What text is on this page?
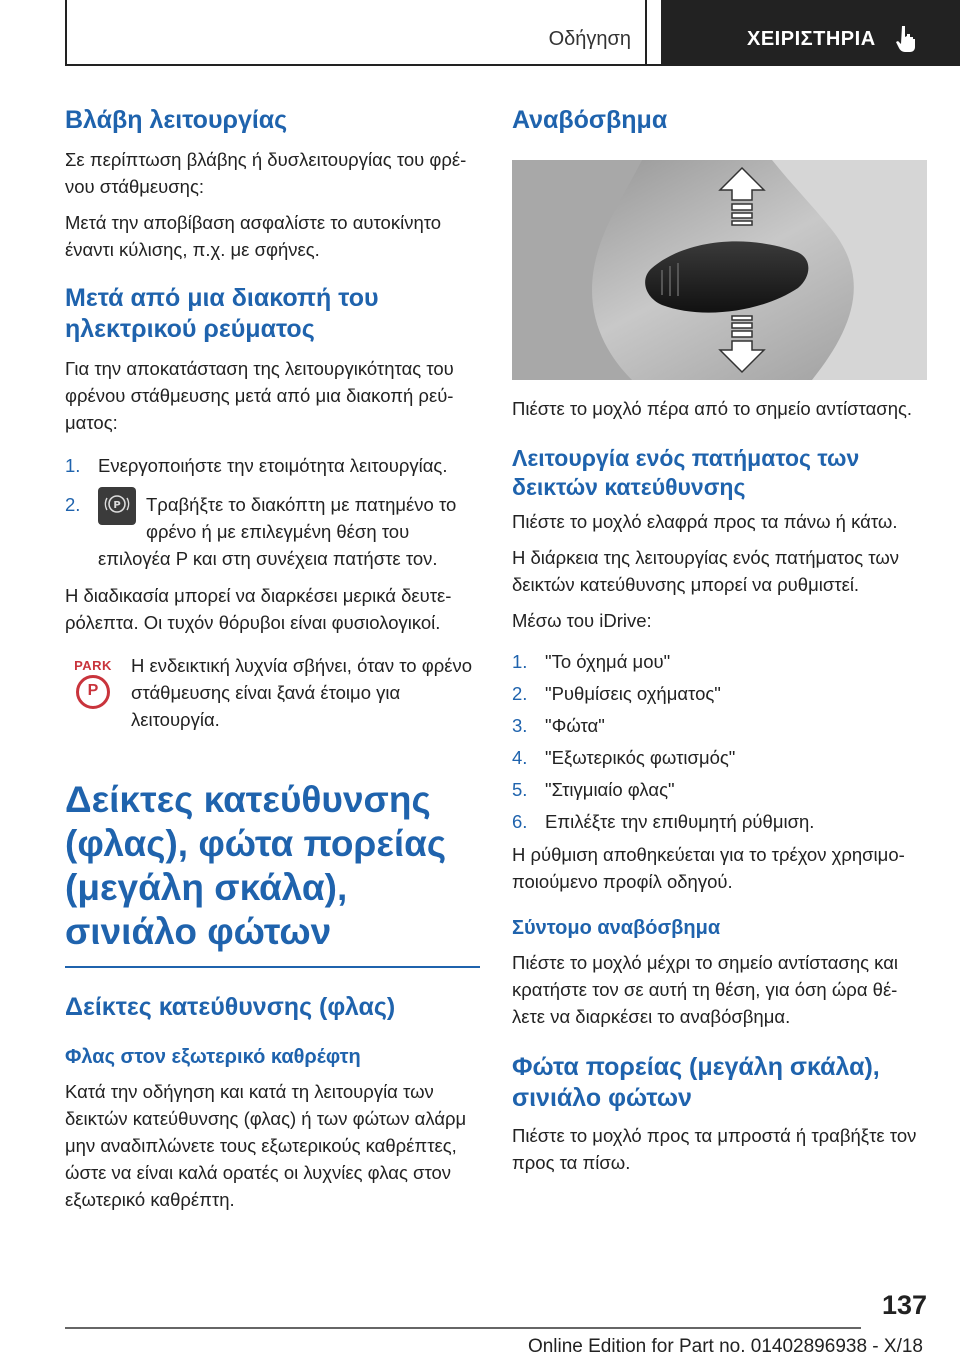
Οδήγηση	ΧΕΙΡΙΣΤΗΡΙΑ
Βλάβη λειτουργίας

Σε περίπτωση βλάβης ή δυσλειτουργίας του φρέ-νου στάθμευσης:

Μετά την αποβίβαση ασφαλίστε το αυτοκίνητο έναντι κύλισης, π.χ. με σφήνες.

Μετά από μια διακοπή του ηλεκτρικού ρεύματος

Για την αποκατάσταση της λειτουργικότητας του φρένου στάθμευσης μετά από μια διακοπή ρεύ-ματος:

1. Ενεργοποιήστε την ετοιμότητα λειτουργίας.
2.	P Τραβήξτε το διακόπτη με πατημένο το φρένο ή με επιλεγμένη θέση του επιλογέα P και στη συνέχεια πατήστε τον.

Η διαδικασία μπορεί να διαρκέσει μερικά δευτε-ρόλεπτα. Οι τυχόν θόρυβοι είναι φυσιολογικοί.

PARK
P

Η ενδεικτική λυχνία σβήνει, όταν το φρένο στάθμευσης είναι ξανά έτοιμο για λειτουργία.

Δείκτες κατεύθυνσης (φλας), φώτα πορείας (μεγάλη σκάλα), σινιάλο φώτων
Δείκτες κατεύθυνσης (φλας)
Φλας στον εξωτερικό καθρέφτη

Κατά την οδήγηση και κατά τη λειτουργία των δεικτών κατεύθυνσης (φλας) ή των φώτων αλάρμ μην αναδιπλώνετε τους εξωτερικούς καθρέπτες, ώστε να είναι καλά ορατές οι λυχνίες φλας στον εξωτερικό καθρέπτη.

Αναβόσβημα

Πιέστε το μοχλό πέρα από το σημείο αντίστασης.

Λειτουργία ενός πατήματος των δεικτών κατεύθυνσης

Πιέστε το μοχλό ελαφρά προς τα πάνω ή κάτω.

Η διάρκεια της λειτουργίας ενός πατήματος των δεικτών κατεύθυνσης μπορεί να ρυθμιστεί.

Μέσω του iDrive:

1. "Το όχημά μου"
2. "Ρυθμίσεις οχήματος"
3. "Φώτα"
4. "Εξωτερικός φωτισμός"
5. "Στιγμιαίο φλας"
6. Επιλέξτε την επιθυμητή ρύθμιση.

Η ρύθμιση αποθηκεύεται για το τρέχον χρησιμο-ποιούμενο προφίλ οδηγού.

Σύντομο αναβόσβημα

Πιέστε το μοχλό μέχρι το σημείο αντίστασης και κρατήστε τον σε αυτή τη θέση, για όση ώρα θέ-λετε να διαρκέσει το αναβόσβημα.

Φώτα πορείας (μεγάλη σκάλα), σινιάλο φώτων

Πιέστε το μοχλό προς τα μπροστά ή τραβήξτε τον προς τα πίσω.

137
Online Edition for Part no. 01402896938 - X/18
